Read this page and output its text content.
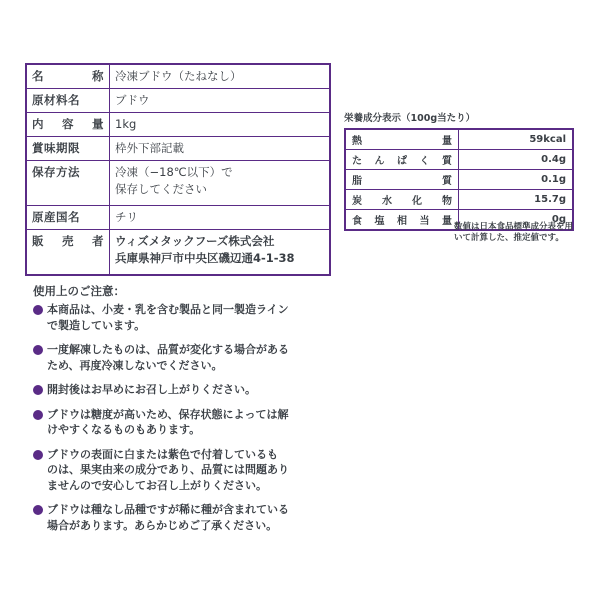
名 称	冷凍ブドウ（たねなし）

原材料名	ブドウ

内 容 量	1kg

賞味期限	枠外下部記載

保存方法	冷凍（−18℃以下）で
保存してください

原産国名	チリ

販 売 者	ウィズメタックフーズ株式会社
兵庫県神戸市中央区磯辺通4-1-38
栄養成分表示（100g当たり）
熱 量	59kcal

た ん ぱ く 質	0.4g

脂 質	0.1g

炭 水 化 物	15.7g

食 塩 相 当 量	0g
数値は日本食品標準成分表を用いて計算した、推定値です。
使用上のご注意：
本商品は、小麦・乳を含む製品と同一製造ライン
で製造しています。
一度解凍したものは、品質が変化する場合がある
ため、再度冷凍しないでください。
開封後はお早めにお召し上がりください。
ブドウは糖度が高いため、保存状態によっては解
けやすくなるものもあります。
ブドウの表面に白または紫色で付着しているも
のは、果実由来の成分であり、品質には問題あり
ませんので安心してお召し上がりください。
ブドウは種なし品種ですが稀に種が含まれている
場合があります。あらかじめご了承ください。
